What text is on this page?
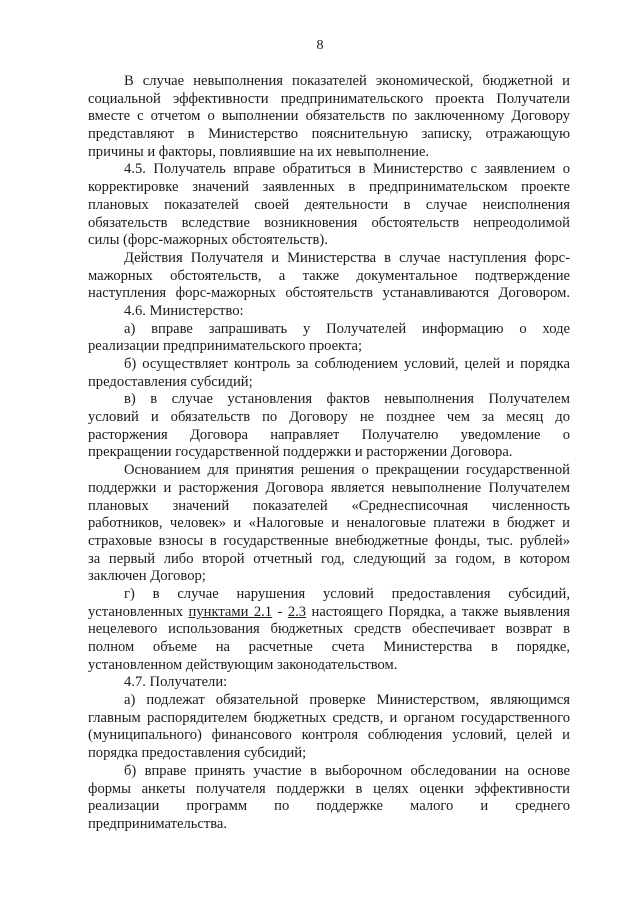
8
В случае невыполнения показателей экономической, бюджетной и
социальной эффективности предпринимательского проекта Получатели
вместе с отчетом о выполнении обязательств по заключенному Договору
представляют в Министерство пояснительную записку, отражающую
причины и факторы, повлиявшие на их невыполнение.
4.5. Получатель вправе обратиться в Министерство с заявлением о
корректировке значений заявленных в предпринимательском проекте
плановых показателей своей деятельности в случае неисполнения
обязательств вследствие возникновения обстоятельств непреодолимой
силы (форс-мажорных обстоятельств).
Действия Получателя и Министерства в случае наступления форс-
мажорных обстоятельств, а также документальное подтверждение
наступления форс-мажорных обстоятельств устанавливаются Договором.
4.6. Министерство:
а) вправе запрашивать у Получателей информацию о ходе
реализации предпринимательского проекта;
б) осуществляет контроль за соблюдением условий, целей и порядка
предоставления субсидий;
в) в случае установления фактов невыполнения Получателем
условий и обязательств по Договору не позднее чем за месяц до
расторжения Договора направляет Получателю уведомление о
прекращении государственной поддержки и расторжении Договора.
Основанием для принятия решения о прекращении государственной
поддержки и расторжения Договора является невыполнение Получателем
плановых значений показателей «Среднесписочная численность
работников, человек» и «Налоговые и неналоговые платежи в бюджет и
страховые взносы в государственные внебюджетные фонды, тыс. рублей»
за первый либо второй отчетный год, следующий за годом, в котором
заключен Договор;
г) в случае нарушения условий предоставления субсидий,
установленных пунктами 2.1 - 2.3 настоящего Порядка, а также выявления
нецелевого использования бюджетных средств обеспечивает возврат в
полном объеме на расчетные счета Министерства в порядке,
установленном действующим законодательством.
4.7. Получатели:
а) подлежат обязательной проверке Министерством, являющимся
главным распорядителем бюджетных средств, и органом государственного
(муниципального) финансового контроля соблюдения условий, целей и
порядка предоставления субсидий;
б) вправе принять участие в выборочном обследовании на основе
формы анкеты получателя поддержки в целях оценки эффективности
реализации программ по поддержке малого и среднего
предпринимательства.
